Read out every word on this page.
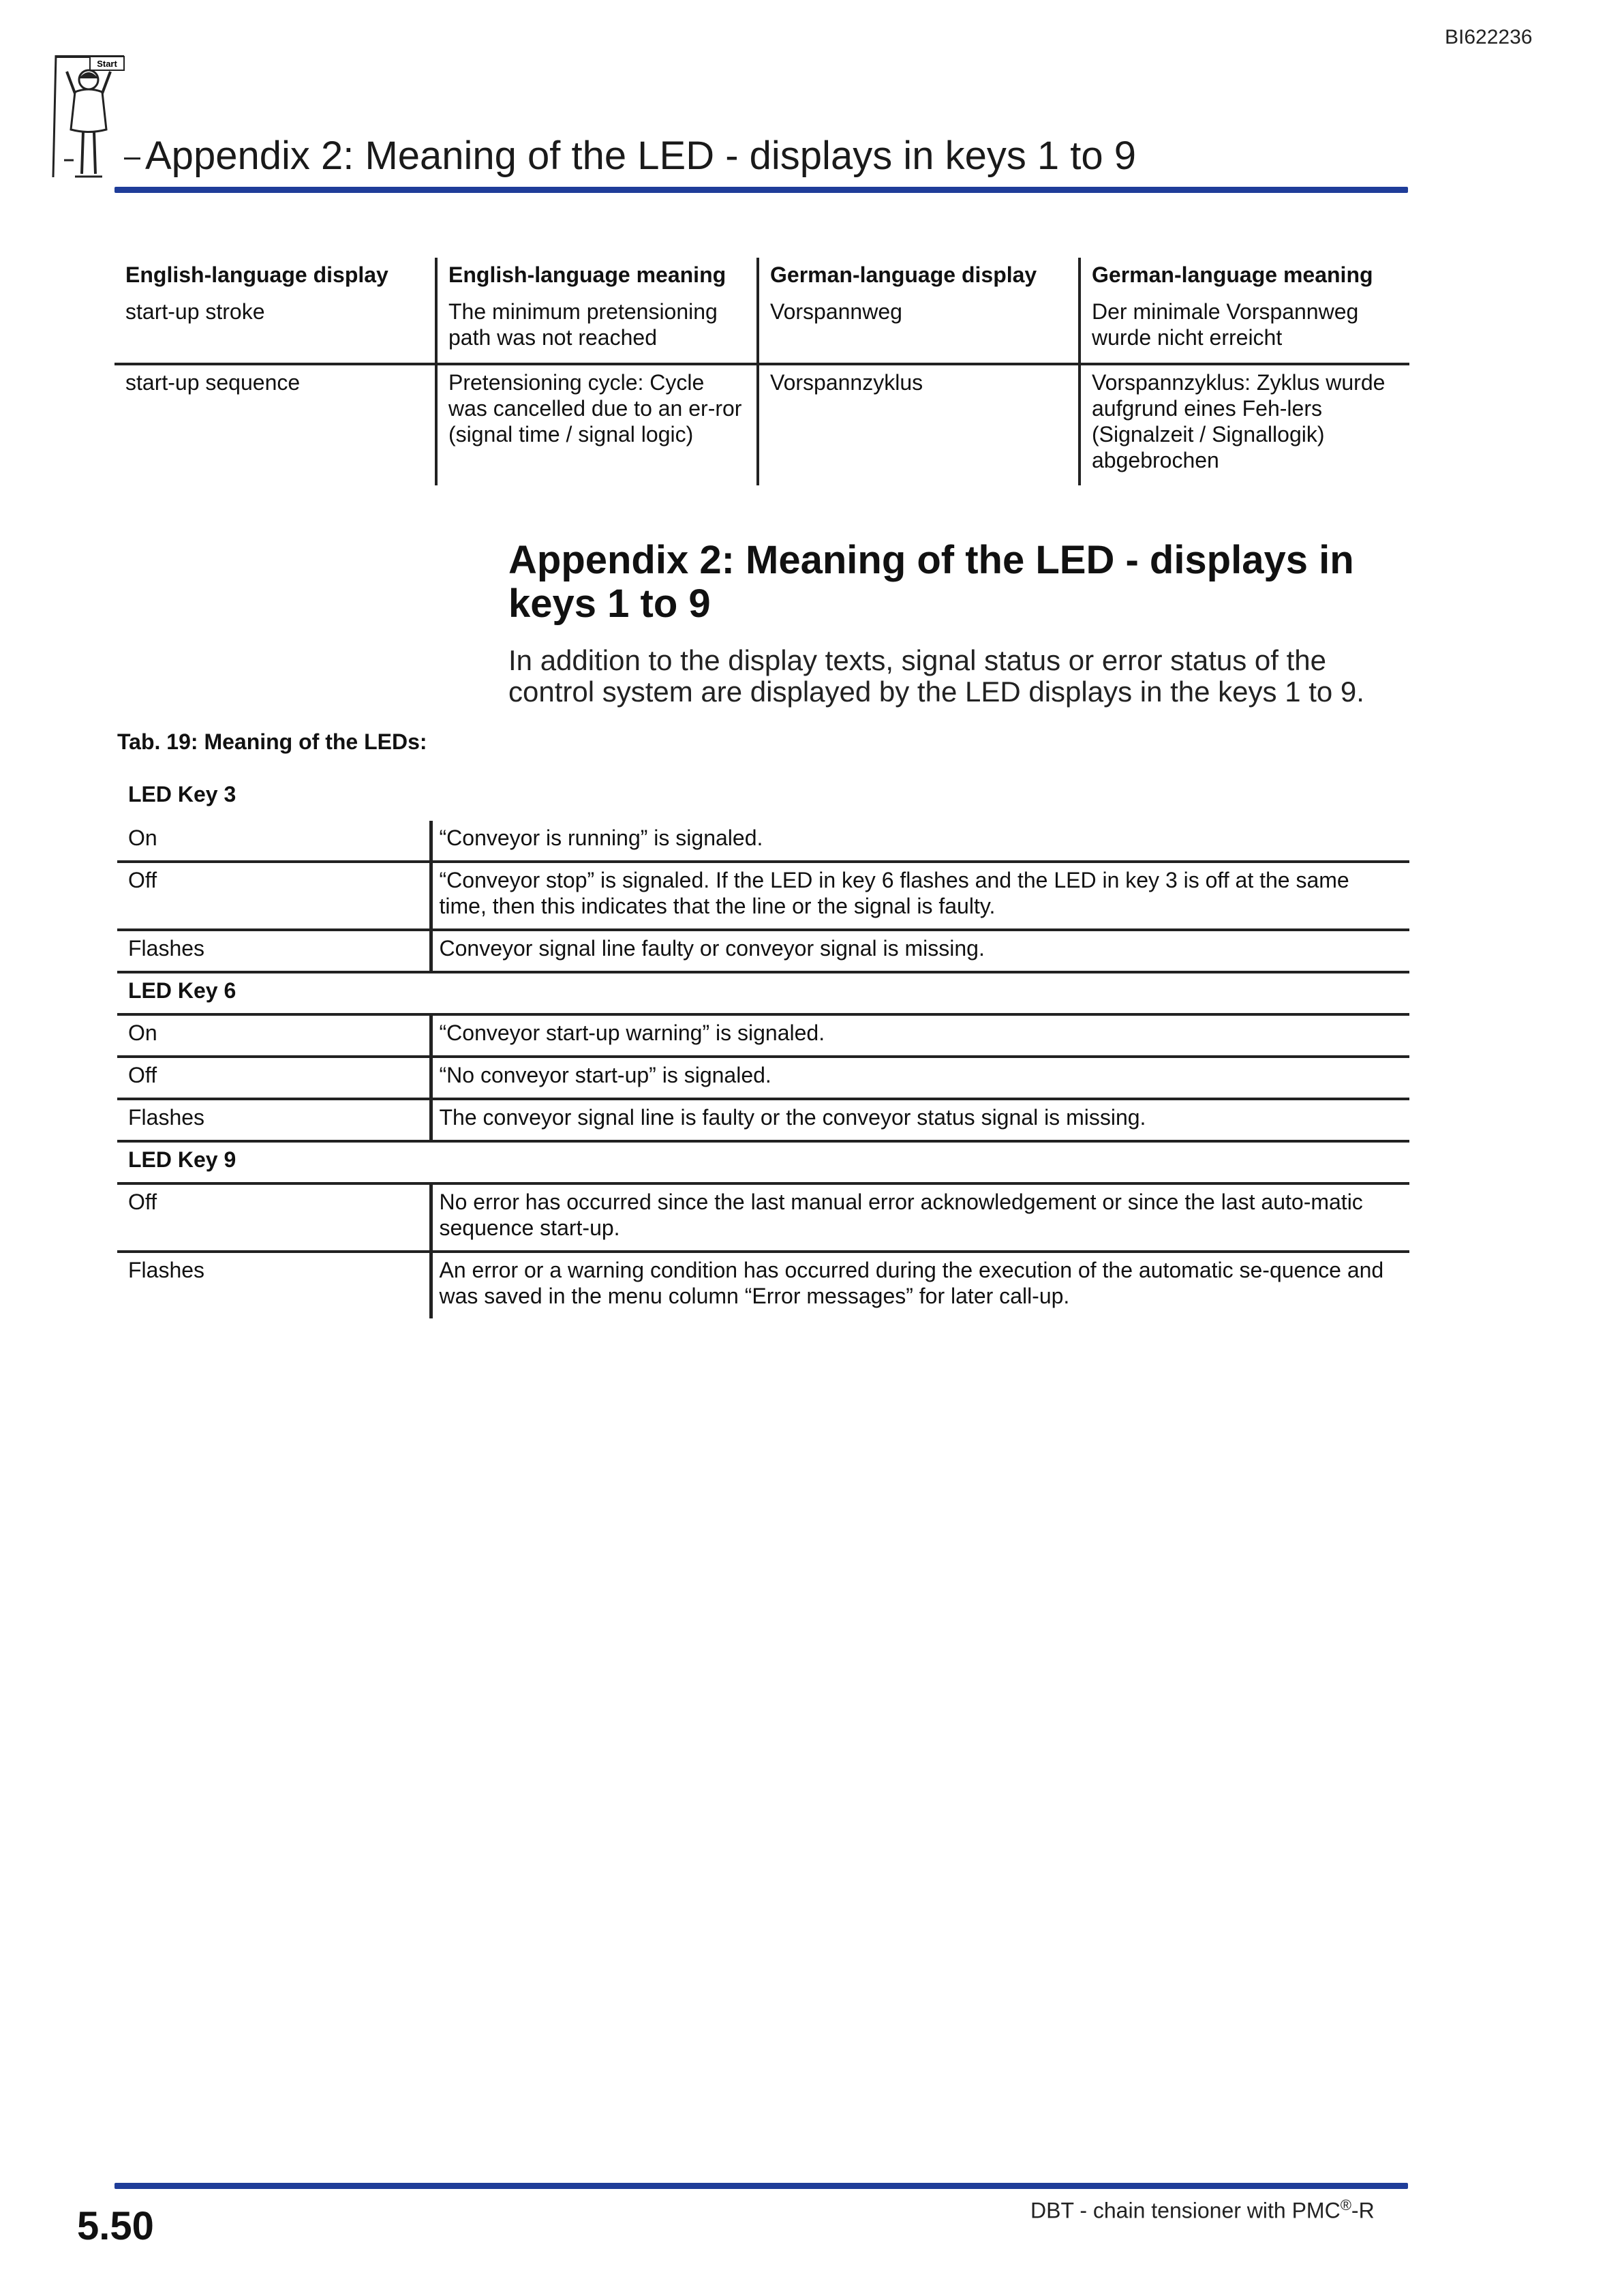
BI622236
Start
Appendix 2: Meaning of the LED - displays in keys 1 to 9
English-language display	English-language meaning	German-language display	German-language meaning
start-up stroke	The minimum pretensioning path was not reached	Vorspannweg	Der minimale Vorspannweg wurde nicht erreicht
start-up sequence	Pretensioning cycle: Cycle was cancelled due to an er-ror (signal time / signal logic)	Vorspannzyklus	Vorspannzyklus: Zyklus wurde aufgrund eines Feh-lers (Signalzeit / Signallogik) abgebrochen
Appendix 2: Meaning of the LED - displays in keys 1 to 9
In addition to the display texts, signal status or error status of the control system are displayed by the LED displays in the keys 1 to 9.
Tab. 19: Meaning of the LEDs:
LED Key 3	
On	“Conveyor is running” is signaled.
Off	“Conveyor stop” is signaled. If the LED in key 6 flashes and the LED in key 3 is off at the same time, then this indicates that the line or the signal is faulty.
Flashes	Conveyor signal line faulty or conveyor signal is missing.
LED Key 6	
On	“Conveyor start-up warning” is signaled.
Off	“No conveyor start-up” is signaled.
Flashes	The conveyor signal line is faulty or the conveyor status signal is missing.
LED Key 9	
Off	No error has occurred since the last manual error acknowledgement or since the last auto-matic sequence start-up.
Flashes	An error or a warning condition has occurred during the execution of the automatic se-quence and was saved in the menu column “Error messages” for later call-up.
5.50	DBT - chain tensioner with PMC®-R
